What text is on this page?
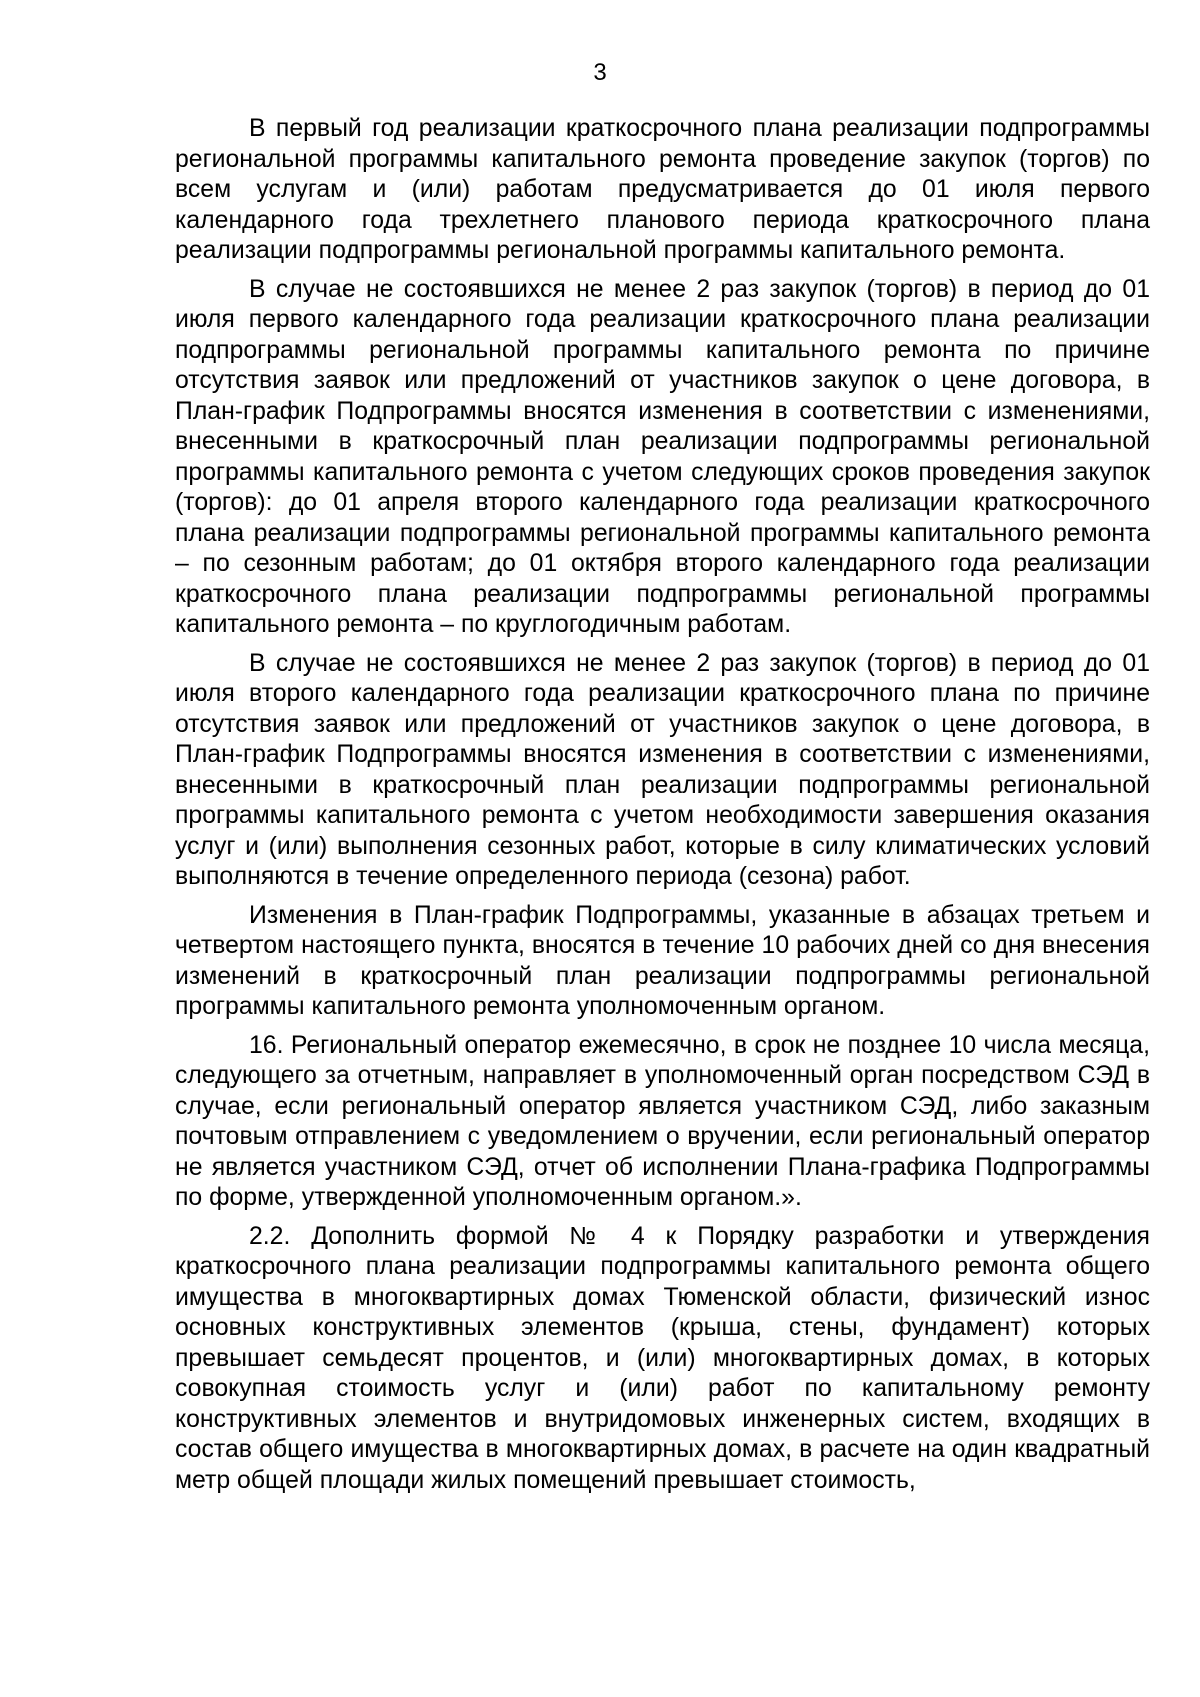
3

В первый год реализации краткосрочного плана реализации подпрограммы региональной программы капитального ремонта проведение закупок (торгов) по всем услугам и (или) работам предусматривается до 01 июля первого календарного года трехлетнего планового периода краткосрочного плана реализации подпрограммы региональной программы капитального ремонта.

В случае не состоявшихся не менее 2 раз закупок (торгов) в период до 01 июля первого календарного года реализации краткосрочного плана реализации подпрограммы региональной программы капитального ремонта по причине отсутствия заявок или предложений от участников закупок о цене договора, в План-график Подпрограммы вносятся изменения в соответствии с изменениями, внесенными в краткосрочный план реализации подпрограммы региональной программы капитального ремонта с учетом следующих сроков проведения закупок (торгов): до 01 апреля второго календарного года реализации краткосрочного плана реализации подпрограммы региональной программы капитального ремонта – по сезонным работам; до 01 октября второго календарного года реализации краткосрочного плана реализации подпрограммы региональной программы капитального ремонта – по круглогодичным работам.

В случае не состоявшихся не менее 2 раз закупок (торгов) в период до 01 июля второго календарного года реализации краткосрочного плана по причине отсутствия заявок или предложений от участников закупок о цене договора, в План-график Подпрограммы вносятся изменения в соответствии с изменениями, внесенными в краткосрочный план реализации подпрограммы региональной программы капитального ремонта с учетом необходимости завершения оказания услуг и (или) выполнения сезонных работ, которые в силу климатических условий выполняются в течение определенного периода (сезона) работ.

Изменения в План-график Подпрограммы, указанные в абзацах третьем и четвертом настоящего пункта, вносятся в течение 10 рабочих дней со дня внесения изменений в краткосрочный план реализации подпрограммы региональной программы капитального ремонта уполномоченным органом.

16. Региональный оператор ежемесячно, в срок не позднее 10 числа месяца, следующего за отчетным, направляет в уполномоченный орган посредством СЭД в случае, если региональный оператор является участником СЭД, либо заказным почтовым отправлением с уведомлением о вручении, если региональный оператор не является участником СЭД, отчет об исполнении Плана-графика Подпрограммы по форме, утвержденной уполномоченным органом.».

2.2. Дополнить формой № 4 к Порядку разработки и утверждения краткосрочного плана реализации подпрограммы капитального ремонта общего имущества в многоквартирных домах Тюменской области, физический износ основных конструктивных элементов (крыша, стены, фундамент) которых превышает семьдесят процентов, и (или) многоквартирных домах, в которых совокупная стоимость услуг и (или) работ по капитальному ремонту конструктивных элементов и внутридомовых инженерных систем, входящих в состав общего имущества в многоквартирных домах, в расчете на один квадратный метр общей площади жилых помещений превышает стоимость,
